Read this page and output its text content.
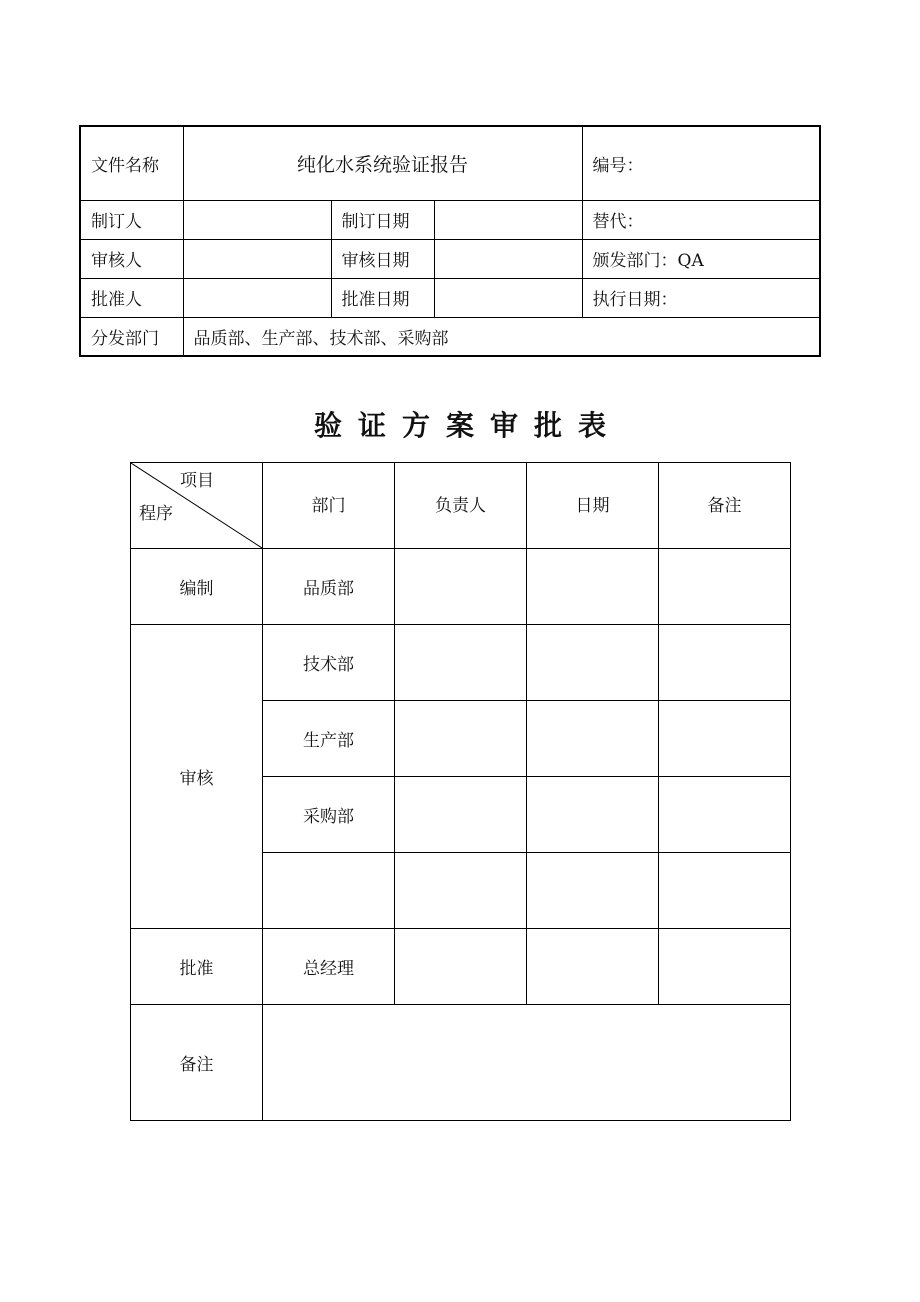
文件名称	纯化水系统验证报告			编号：
制订人		制订日期		替代：
审核人		审核日期		颁发部门：QA
批准人		批准日期		执行日期：
分发部门	品质部、生产部、技术部、采购部			
验证方案审批表
项目
程序	部门	负责人	日期	备注
编制	品质部			
审核	技术部			
	生产部			
	采购部			

批准	总经理			
备注				
